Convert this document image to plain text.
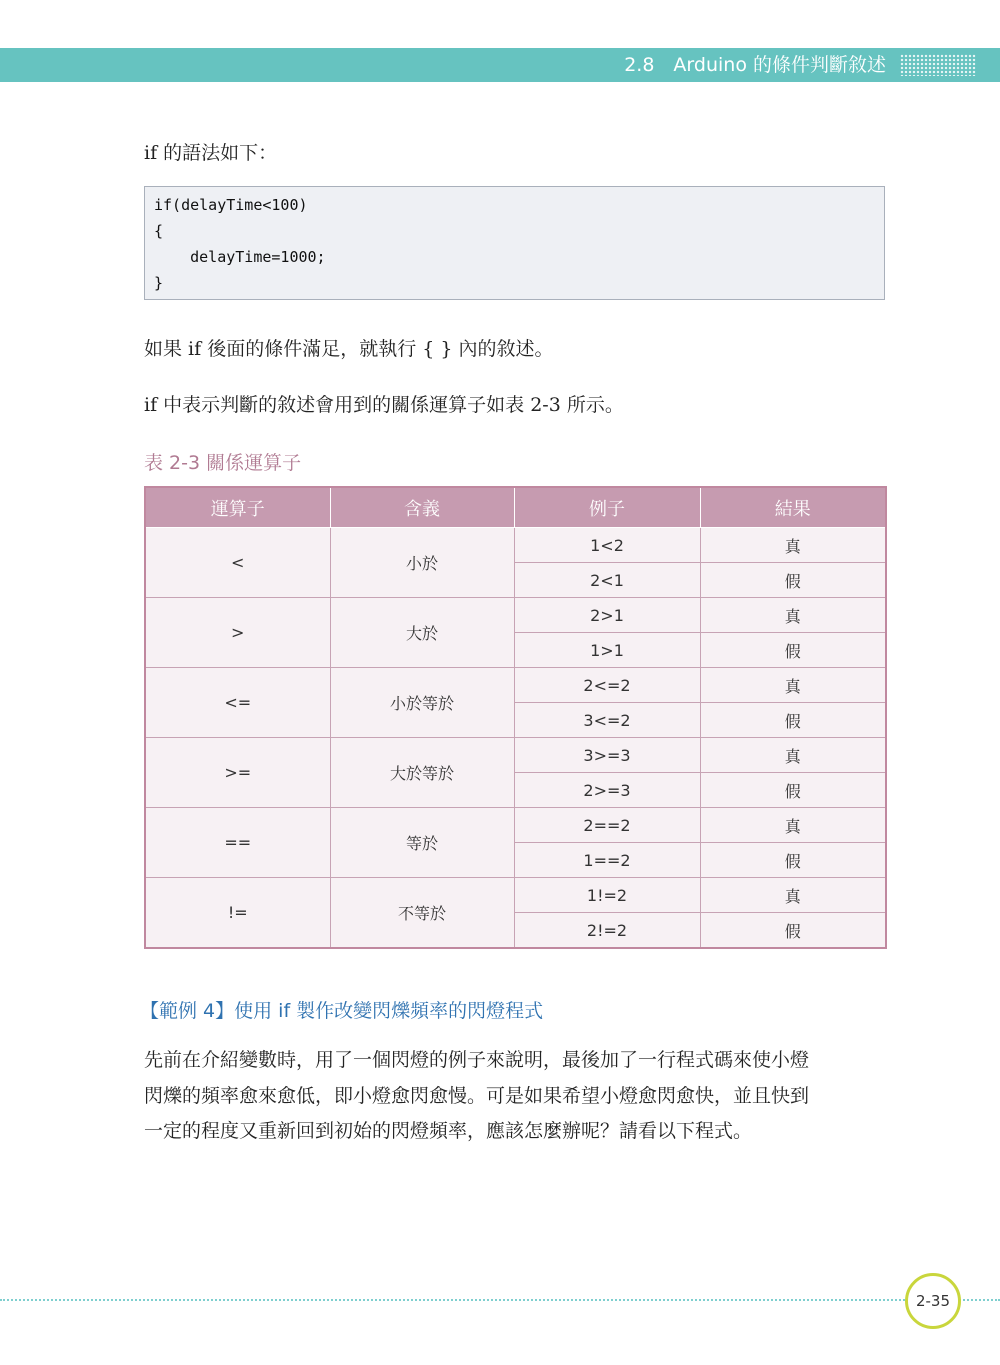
2.8　Arduino 的條件判斷敘述
if 的語法如下：
if(delayTime<100)
{
delayTime=1000;
}
如果 if 後面的條件滿足，就執行 { } 內的敘述。
if 中表示判斷的敘述會用到的關係運算子如表 2-3 所示。
表 2-3 關係運算子
運算子	含義	例子	結果
<	小於	1<2	真
		2<1	假
>	大於	2>1	真
		1>1	假
<=	小於等於	2<=2	真
		3<=2	假
>=	大於等於	3>=3	真
		2>=3	假
==	等於	2==2	真
		1==2	假
!=	不等於	1!=2	真
		2!=2	假
【範例 4】使用 if 製作改變閃爍頻率的閃燈程式
先前在介紹變數時，用了一個閃燈的例子來說明，最後加了一行程式碼來使小燈
閃爍的頻率愈來愈低，即小燈愈閃愈慢。可是如果希望小燈愈閃愈快，並且快到
一定的程度又重新回到初始的閃燈頻率，應該怎麼辦呢？請看以下程式。
2-35
